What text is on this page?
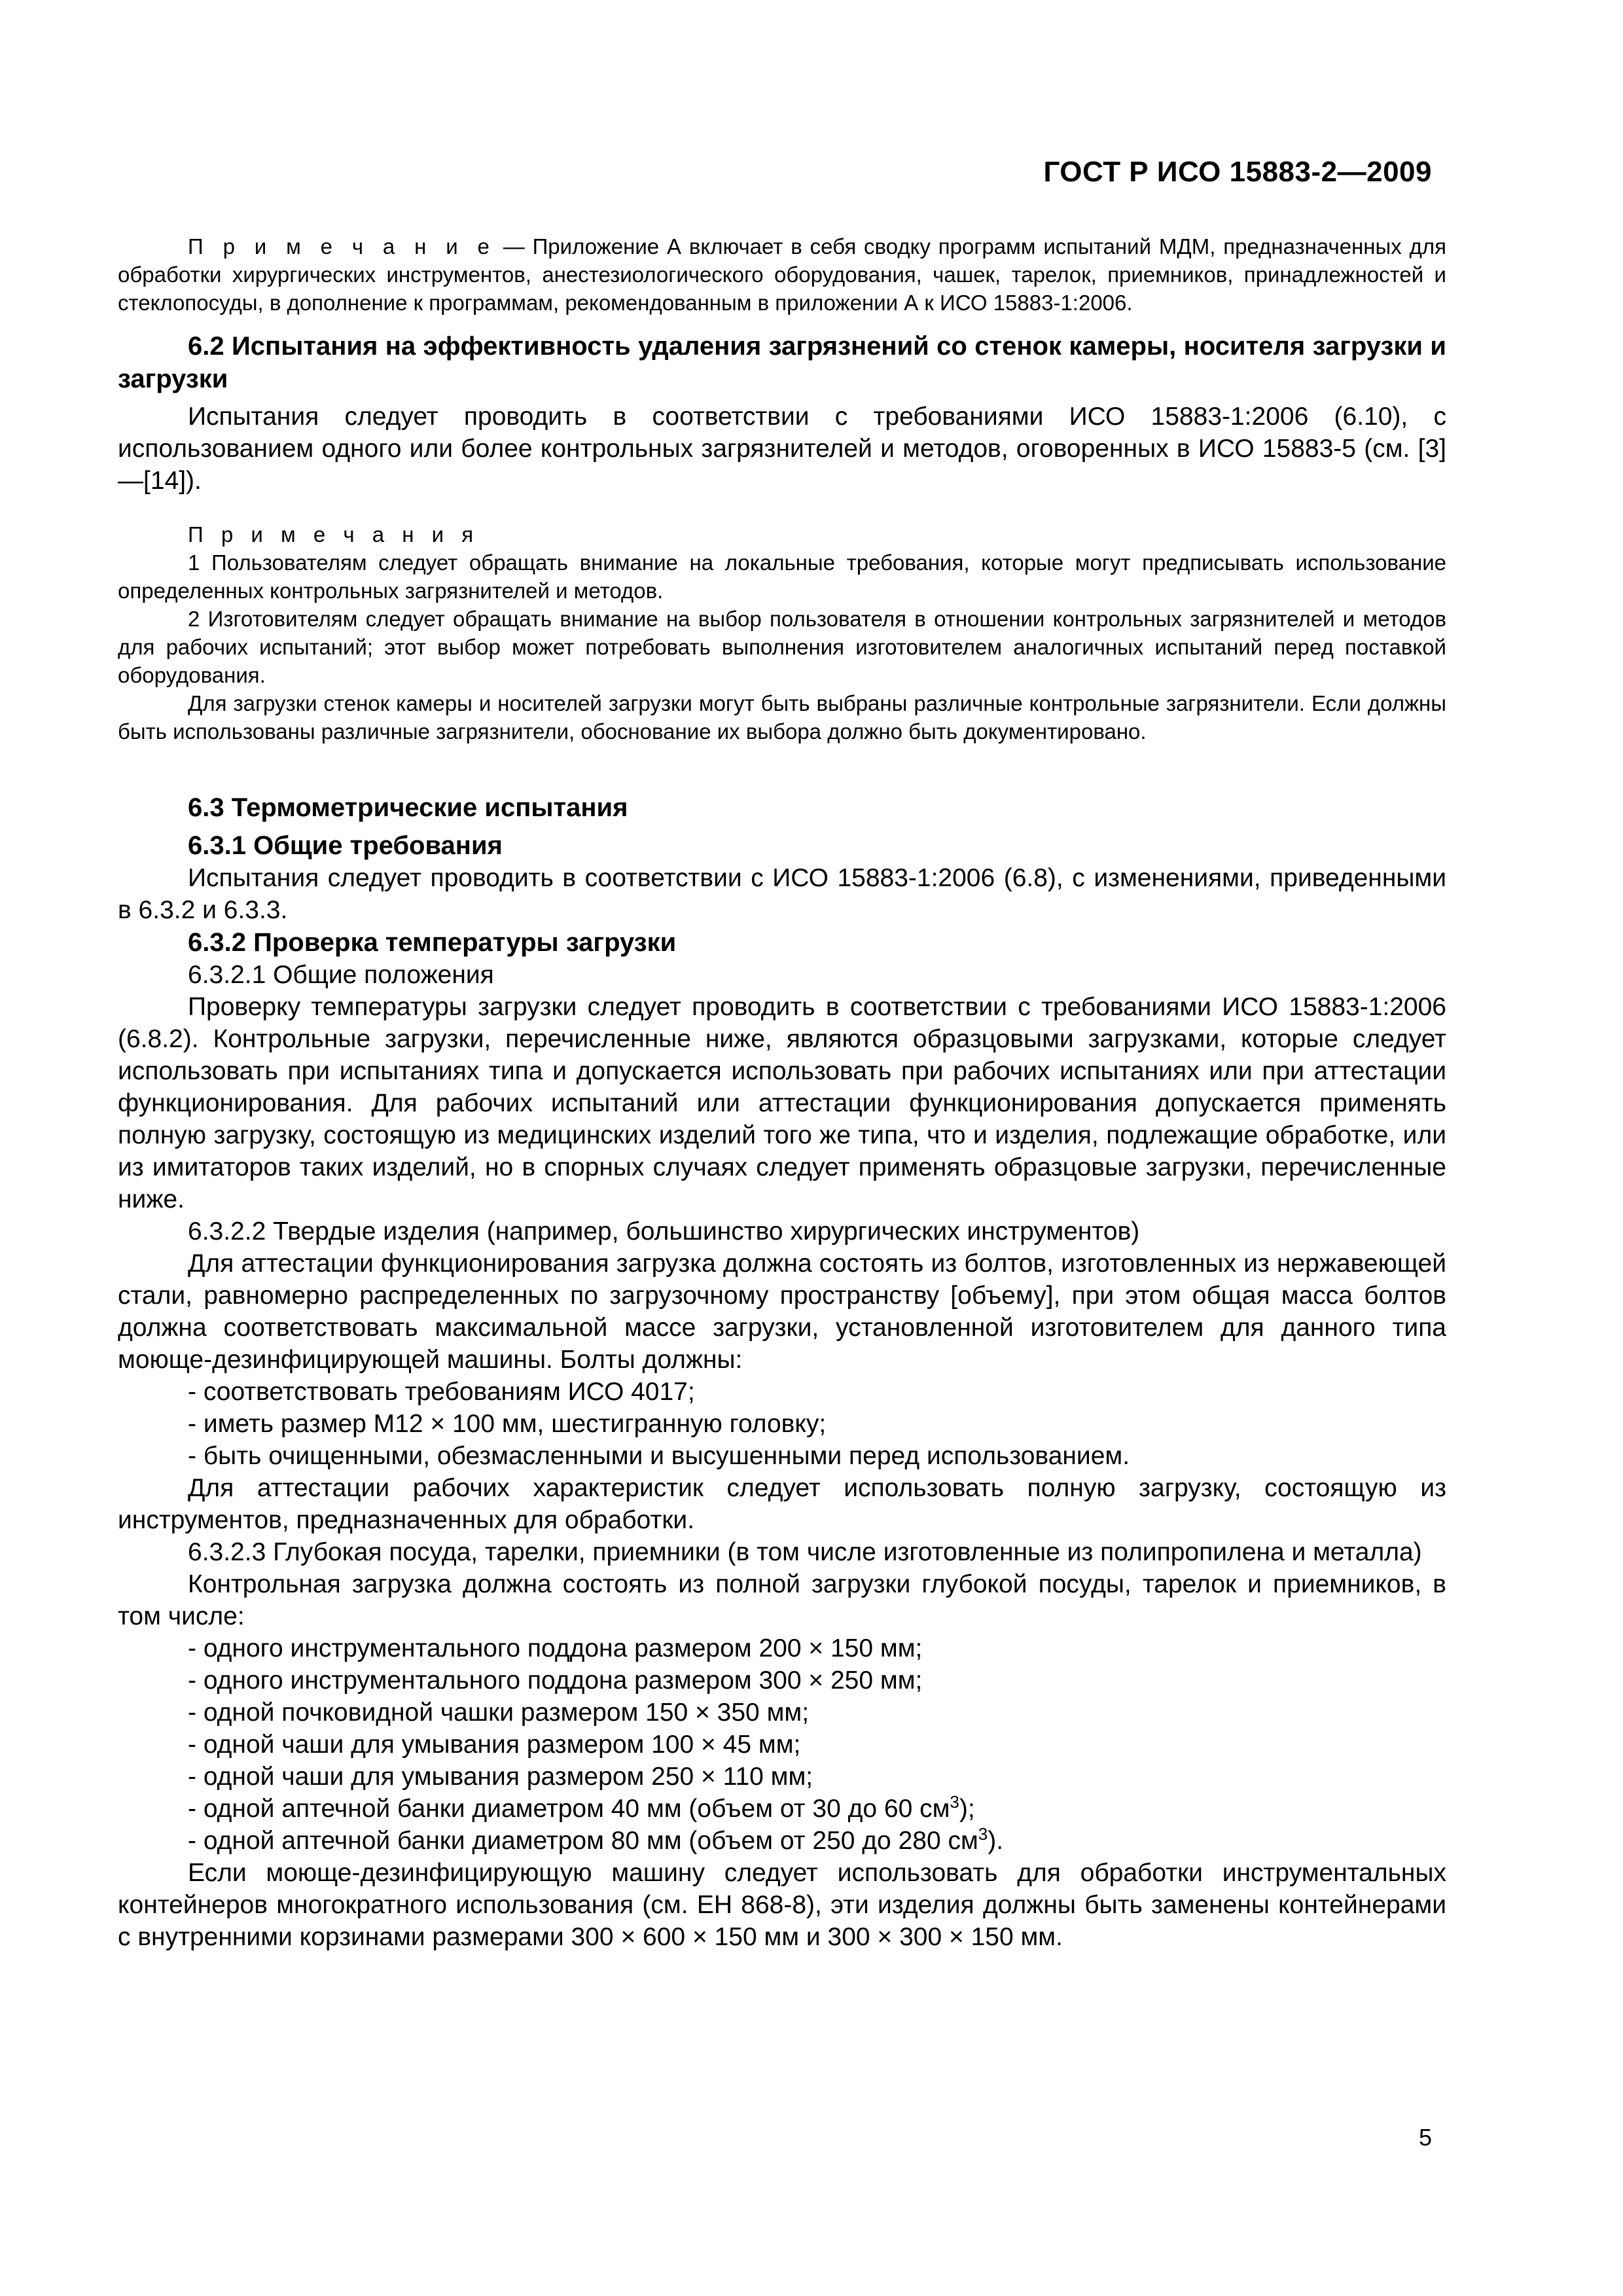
ГОСТ Р ИСО 15883-2—2009

П р и м е ч а н и е — Приложение А включает в себя сводку программ испытаний МДМ, предназначенных для обработки хирургических инструментов, анестезиологического оборудования, чашек, тарелок, приемников, принадлежностей и стеклопосуды, в дополнение к программам, рекомендованным в приложении А к ИСО 15883-1:2006.

6.2 Испытания на эффективность удаления загрязнений со стенок камеры, носителя загрузки и загрузки

Испытания следует проводить в соответствии с требованиями ИСО 15883-1:2006 (6.10), с использованием одного или более контрольных загрязнителей и методов, оговоренных в ИСО 15883-5 (см. [3]—[14]).

П р и м е ч а н и я

1 Пользователям следует обращать внимание на локальные требования, которые могут предписывать использование определенных контрольных загрязнителей и методов.

2 Изготовителям следует обращать внимание на выбор пользователя в отношении контрольных загрязнителей и методов для рабочих испытаний; этот выбор может потребовать выполнения изготовителем аналогичных испытаний перед поставкой оборудования.

Для загрузки стенок камеры и носителей загрузки могут быть выбраны различные контрольные загрязнители. Если должны быть использованы различные загрязнители, обоснование их выбора должно быть документировано.

6.3 Термометрические испытания

6.3.1 Общие требования

Испытания следует проводить в соответствии с ИСО 15883-1:2006 (6.8), с изменениями, приведенными в 6.3.2 и 6.3.3.

6.3.2 Проверка температуры загрузки

6.3.2.1 Общие положения

Проверку температуры загрузки следует проводить в соответствии с требованиями ИСО 15883-1:2006 (6.8.2). Контрольные загрузки, перечисленные ниже, являются образцовыми загрузками, которые следует использовать при испытаниях типа и допускается использовать при рабочих испытаниях или при аттестации функционирования. Для рабочих испытаний или аттестации функционирования допускается применять полную загрузку, состоящую из медицинских изделий того же типа, что и изделия, подлежащие обработке, или из имитаторов таких изделий, но в спорных случаях следует применять образцовые загрузки, перечисленные ниже.

6.3.2.2 Твердые изделия (например, большинство хирургических инструментов)

Для аттестации функционирования загрузка должна состоять из болтов, изготовленных из нержавеющей стали, равномерно распределенных по загрузочному пространству [объему], при этом общая масса болтов должна соответствовать максимальной массе загрузки, установленной изготовителем для данного типа моюще-дезинфицирующей машины. Болты должны:

- соответствовать требованиям ИСО 4017;

- иметь размер М12 × 100 мм, шестигранную головку;

- быть очищенными, обезмасленными и высушенными перед использованием.

Для аттестации рабочих характеристик следует использовать полную загрузку, состоящую из инструментов, предназначенных для обработки.

6.3.2.3 Глубокая посуда, тарелки, приемники (в том числе изготовленные из полипропилена и металла)

Контрольная загрузка должна состоять из полной загрузки глубокой посуды, тарелок и приемников, в том числе:

- одного инструментального поддона размером 200 × 150 мм;

- одного инструментального поддона размером 300 × 250 мм;

- одной почковидной чашки размером 150 × 350 мм;

- одной чаши для умывания размером 100 × 45 мм;

- одной чаши для умывания размером 250 × 110 мм;

- одной аптечной банки диаметром 40 мм (объем от 30 до 60 $см^3$);

- одной аптечной банки диаметром 80 мм (объем от 250 до 280 $см^3$).

Если моюще-дезинфицирующую машину следует использовать для обработки инструментальных контейнеров многократного использования (см. ЕН 868-8), эти изделия должны быть заменены контейнерами с внутренними корзинами размерами 300 × 600 × 150 мм и 300 × 300 × 150 мм.

5
